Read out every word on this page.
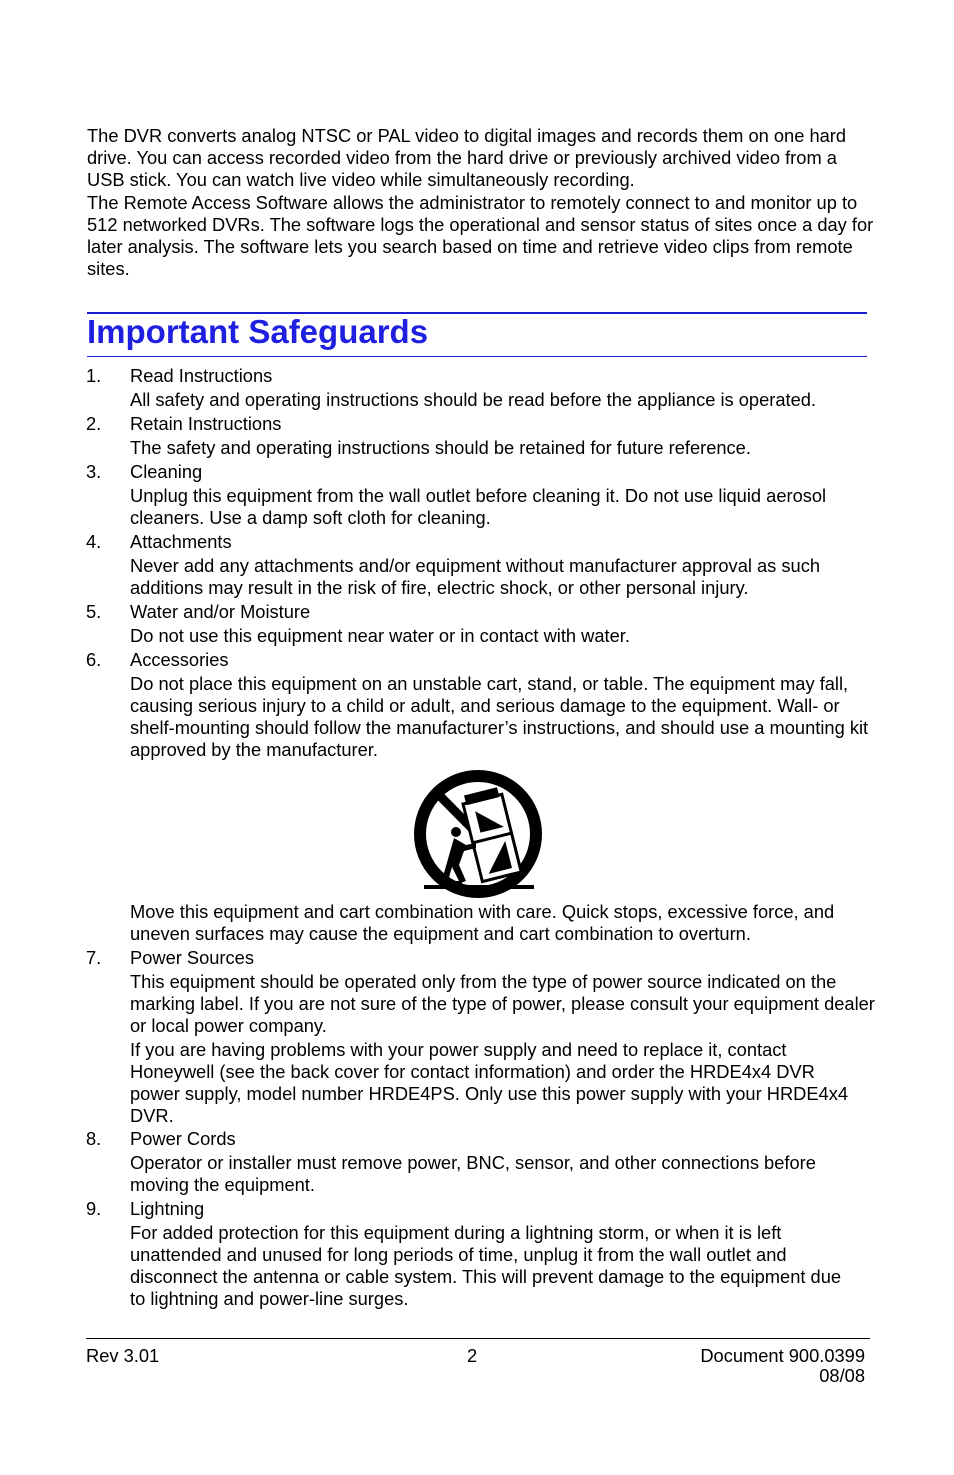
The DVR converts analog NTSC or PAL video to digital images and records them on one hard drive. You can access recorded video from the hard drive or previously archived video from a USB stick. You can watch live video while simultaneously recording.

The Remote Access Software allows the administrator to remotely connect to and monitor up to 512 networked DVRs. The software logs the operational and sensor status of sites once a day for later analysis. The software lets you search based on time and retrieve video clips from remote sites.

Important Safeguards
1. Read Instructions
All safety and operating instructions should be read before the appliance is operated.
2. Retain Instructions
The safety and operating instructions should be retained for future reference.
3. Cleaning
Unplug this equipment from the wall outlet before cleaning it. Do not use liquid aerosol cleaners. Use a damp soft cloth for cleaning.
4. Attachments
Never add any attachments and/or equipment without manufacturer approval as such additions may result in the risk of fire, electric shock, or other personal injury.
5. Water and/or Moisture
Do not use this equipment near water or in contact with water.
6. Accessories
Do not place this equipment on an unstable cart, stand, or table. The equipment may fall, causing serious injury to a child or adult, and serious damage to the equipment. Wall- or shelf-mounting should follow the manufacturer’s instructions, and should use a mounting kit approved by the manufacturer.
Move this equipment and cart combination with care. Quick stops, excessive force, and uneven surfaces may cause the equipment and cart combination to overturn.
7. Power Sources
This equipment should be operated only from the type of power source indicated on the marking label. If you are not sure of the type of power, please consult your equipment dealer or local power company.
If you are having problems with your power supply and need to replace it, contact Honeywell (see the back cover for contact information) and order the HRDE4x4 DVR power supply, model number HRDE4PS. Only use this power supply with your HRDE4x4 DVR.
8. Power Cords
Operator or installer must remove power, BNC, sensor, and other connections before moving the equipment.
9. Lightning
For added protection for this equipment during a lightning storm, or when it is left unattended and unused for long periods of time, unplug it from the wall outlet and disconnect the antenna or cable system. This will prevent damage to the equipment due to lightning and power-line surges.
Rev 3.01	2	Document 900.0399
08/08
